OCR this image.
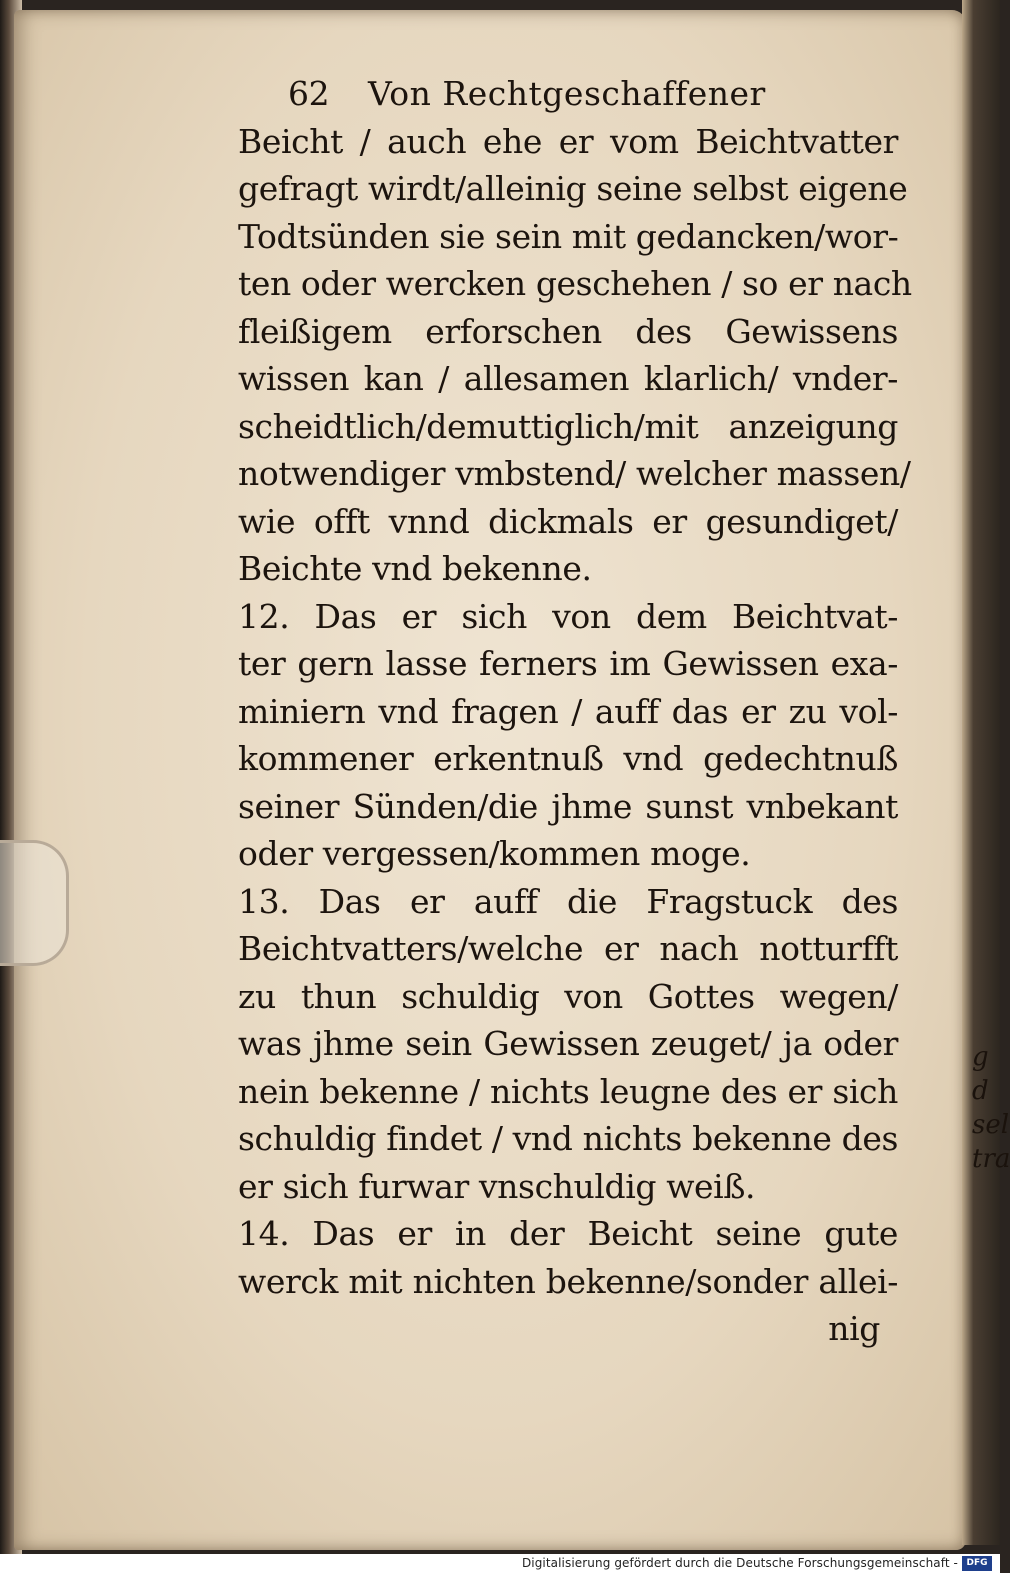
g
d
sel
tra
62	Von Rechtgeschaffener
Beicht / auch ehe er vom Beichtvatter
gefragt wirdt/alleinig seine selbst eigene
Todtsünden sie sein mit gedancken/wor-
ten oder wercken geschehen / so er nach
fleißigem erforschen des Gewissens
wissen kan / allesamen klarlich/ vnder-
scheidtlich/demuttiglich/mit anzeigung
notwendiger vmbstend/ welcher massen/
wie offt vnnd dickmals er gesundiget/
Beichte vnd bekenne.
12. Das er sich von dem Beichtvat-
ter gern lasse ferners im Gewissen exa-
miniern vnd fragen / auff das er zu vol-
kommener erkentnuß vnd gedechtnuß
seiner Sünden/die jhme sunst vnbekant
oder vergessen/kommen moge.
13. Das er auff die Fragstuck des
Beichtvatters/welche er nach notturfft
zu thun schuldig von Gottes wegen/
was jhme sein Gewissen zeuget/ ja oder
nein bekenne / nichts leugne des er sich
schuldig findet / vnd nichts bekenne des
er sich furwar vnschuldig weiß.
14. Das er in der Beicht seine gute
werck mit nichten bekenne/sonder allei-
nig
Digitalisierung gefördert durch die Deutsche Forschungsgemeinschaft - DFG
